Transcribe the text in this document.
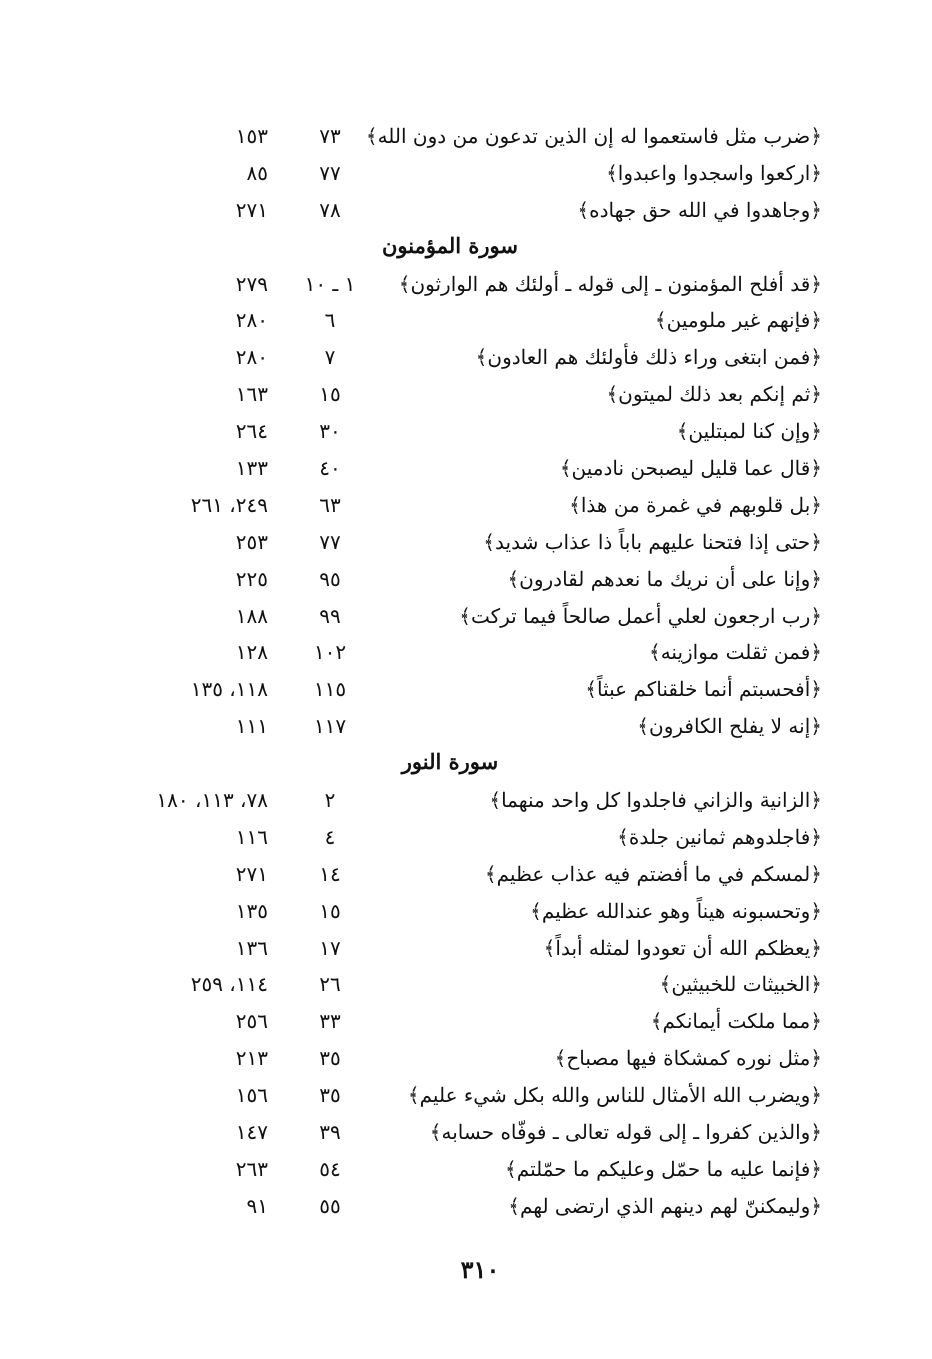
﴿ضرب مثل فاستعموا له إن الذين تدعون من دون الله﴾
٧٣
١٥٣
﴿اركعوا واسجدوا واعبدوا﴾
٧٧
٨٥
﴿وجاهدوا في الله حق جهاده﴾
٧٨
٢٧١
سورة المؤمنون
﴿قد أفلح المؤمنون ـ إلى قوله ـ أولئك هم الوارثون﴾
١ ـ ١٠
٢٧٩
﴿فإنهم غير ملومين﴾
٦
٢٨٠
﴿فمن ابتغى وراء ذلك فأولئك هم العادون﴾
٧
٢٨٠
﴿ثم إنكم بعد ذلك لميتون﴾
١٥
١٦٣
﴿وإن كنا لمبتلين﴾
٣٠
٢٦٤
﴿قال عما قليل ليصبحن نادمين﴾
٤٠
١٣٣
﴿بل قلوبهم في غمرة من هذا﴾
٦٣
٢٤٩، ٢٦١
﴿حتى إذا فتحنا عليهم باباً ذا عذاب شديد﴾
٧٧
٢٥٣
﴿وإنا على أن نريك ما نعدهم لقادرون﴾
٩٥
٢٢٥
﴿رب ارجعون لعلي أعمل صالحاً فيما تركت﴾
٩٩
١٨٨
﴿فمن ثقلت موازينه﴾
١٠٢
١٢٨
﴿أفحسبتم أنما خلقناكم عبثاً﴾
١١٥
١١٨، ١٣٥
﴿إنه لا يفلح الكافرون﴾
١١٧
١١١
سورة النور
﴿الزانية والزاني فاجلدوا كل واحد منهما﴾
٢
٧٨، ١١٣، ١٨٠
﴿فاجلدوهم ثمانين جلدة﴾
٤
١١٦
﴿لمسكم في ما أفضتم فيه عذاب عظيم﴾
١٤
٢٧١
﴿وتحسبونه هيناً وهو عندالله عظيم﴾
١٥
١٣٥
﴿يعظكم الله أن تعودوا لمثله أبداً﴾
١٧
١٣٦
﴿الخبيثات للخبيثين﴾
٢٦
١١٤، ٢٥٩
﴿مما ملكت أيمانكم﴾
٣٣
٢٥٦
﴿مثل نوره كمشكاة فيها مصباح﴾
٣٥
٢١٣
﴿ويضرب الله الأمثال للناس والله بكل شيء عليم﴾
٣٥
١٥٦
﴿والذين كفروا ـ إلى قوله تعالى ـ فوفّاه حسابه﴾
٣٩
١٤٧
﴿فإنما عليه ما حمّل وعليكم ما حمّلتم﴾
٥٤
٢٦٣
﴿وليمكننّ لهم دينهم الذي ارتضى لهم﴾
٥٥
٩١
٣١٠
